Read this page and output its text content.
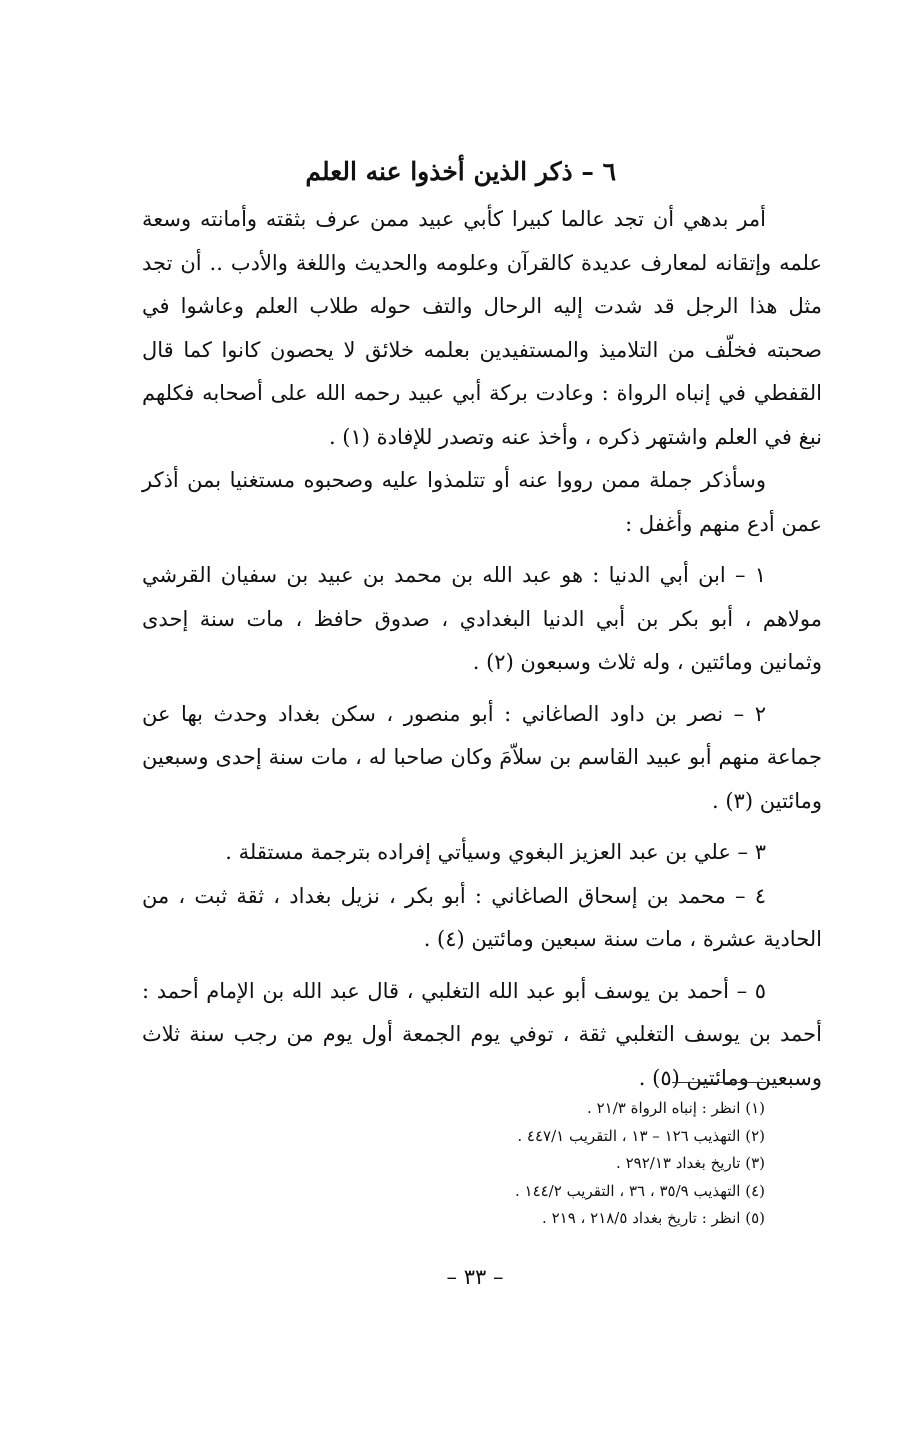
٦ – ذكر الذين أخذوا عنه العلم

أمر بدهي أن تجد عالما كبيرا كأبي عبيد ممن عرف بثقته وأمانته وسعة علمه وإتقانه لمعارف عديدة كالقرآن وعلومه والحديث واللغة والأدب .. أن تجد مثل هذا الرجل قد شدت إليه الرحال والتف حوله طلاب العلم وعاشوا في صحبته فخلّف من التلاميذ والمستفيدين بعلمه خلائق لا يحصون كانوا كما قال القفطي في إنباه الرواة : وعادت بركة أبي عبيد رحمه الله على أصحابه فكلهم نبغ في العلم واشتهر ذكره ، وأخذ عنه وتصدر للإفادة (١) .

وسأذكر جملة ممن رووا عنه أو تتلمذوا عليه وصحبوه مستغنيا بمن أذكر عمن أدع منهم وأغفل :

١ – ابن أبي الدنيا : هو عبد الله بن محمد بن عبيد بن سفيان القرشي مولاهم ، أبو بكر بن أبي الدنيا البغدادي ، صدوق حافظ ، مات سنة إحدى وثمانين ومائتين ، وله ثلاث وسبعون (٢) .

٢ – نصر بن داود الصاغاني : أبو منصور ، سكن بغداد وحدث بها عن جماعة منهم أبو عبيد القاسم بن سلاّمَ وكان صاحبا له ، مات سنة إحدى وسبعين ومائتين (٣) .

٣ – علي بن عبد العزيز البغوي وسيأتي إفراده بترجمة مستقلة .

٤ – محمد بن إسحاق الصاغاني : أبو بكر ، نزيل بغداد ، ثقة ثبت ، من الحادية عشرة ، مات سنة سبعين ومائتين (٤) .

٥ – أحمد بن يوسف أبو عبد الله التغلبي ، قال عبد الله بن الإمام أحمد : أحمد بن يوسف التغلبي ثقة ، توفي يوم الجمعة أول يوم من رجب سنة ثلاث وسبعين ومائتين (٥) .

(١) انظر : إنباه الرواة ٢١/٣ .
(٢) التهذيب ١٢٦ – ١٣ ، التقريب ٤٤٧/١ .
(٣) تاريخ بغداد ٢٩٢/١٣ .
(٤) التهذيب ٣٥/٩ ، ٣٦ ، التقريب ١٤٤/٢ .
(٥) انظر : تاريخ بغداد ٢١٨/٥ ، ٢١٩ .
– ٣٣ –
